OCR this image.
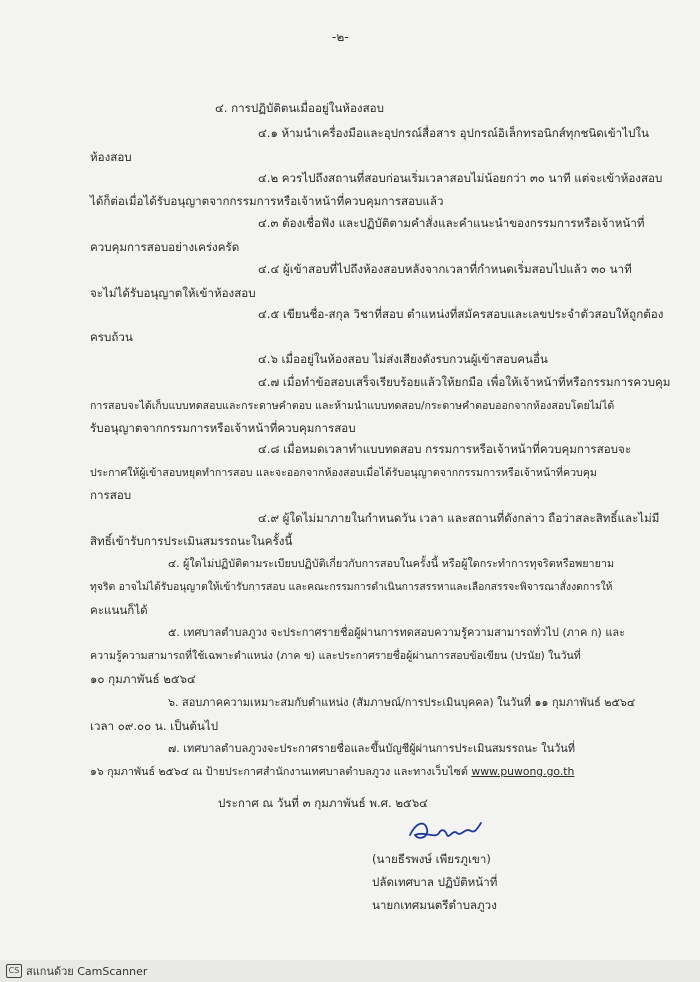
-๒-
๔. การปฏิบัติตนเมื่ออยู่ในห้องสอบ
๔.๑ ห้ามนำเครื่องมือและอุปกรณ์สื่อสาร อุปกรณ์อิเล็กทรอนิกส์ทุกชนิดเข้าไปใน
ห้องสอบ
๔.๒ ควรไปถึงสถานที่สอบก่อนเริ่มเวลาสอบไม่น้อยกว่า ๓๐ นาที แต่จะเข้าห้องสอบ
ได้ก็ต่อเมื่อได้รับอนุญาตจากกรรมการหรือเจ้าหน้าที่ควบคุมการสอบแล้ว
๔.๓ ต้องเชื่อฟัง และปฏิบัติตามคำสั่งและคำแนะนำของกรรมการหรือเจ้าหน้าที่
ควบคุมการสอบอย่างเคร่งครัด
๔.๔ ผู้เข้าสอบที่ไปถึงห้องสอบหลังจากเวลาที่กำหนดเริ่มสอบไปแล้ว ๓๐ นาที
จะไม่ได้รับอนุญาตให้เข้าห้องสอบ
๔.๕ เขียนชื่อ-สกุล วิชาที่สอบ ตำแหน่งที่สมัครสอบและเลขประจำตัวสอบให้ถูกต้อง
ครบถ้วน
๔.๖ เมื่ออยู่ในห้องสอบ ไม่ส่งเสียงดังรบกวนผู้เข้าสอบคนอื่น
๔.๗ เมื่อทำข้อสอบเสร็จเรียบร้อยแล้วให้ยกมือ เพื่อให้เจ้าหน้าที่หรือกรรมการควบคุม
การสอบจะได้เก็บแบบทดสอบและกระดาษคำตอบ และห้ามนำแบบทดสอบ/กระดาษคำตอบออกจากห้องสอบโดยไม่ได้
รับอนุญาตจากกรรมการหรือเจ้าหน้าที่ควบคุมการสอบ
๔.๘ เมื่อหมดเวลาทำแบบทดสอบ กรรมการหรือเจ้าหน้าที่ควบคุมการสอบจะ
ประกาศให้ผู้เข้าสอบหยุดทำการสอบ และจะออกจากห้องสอบเมื่อได้รับอนุญาตจากกรรมการหรือเจ้าหน้าที่ควบคุม
การสอบ
๔.๙ ผู้ใดไม่มาภายในกำหนดวัน เวลา และสถานที่ดังกล่าว ถือว่าสละสิทธิ์และไม่มี
สิทธิ์เข้ารับการประเมินสมรรถนะในครั้งนี้
๔. ผู้ใดไม่ปฏิบัติตามระเบียบปฏิบัติเกี่ยวกับการสอบในครั้งนี้ หรือผู้ใดกระทำการทุจริตหรือพยายาม
ทุจริต อาจไม่ได้รับอนุญาตให้เข้ารับการสอบ และคณะกรรมการดำเนินการสรรหาและเลือกสรรจะพิจารณาสั่งงดการให้
คะแนนก็ได้
๕. เทศบาลตำบลภูวง จะประกาศรายชื่อผู้ผ่านการทดสอบความรู้ความสามารถทั่วไป (ภาค ก) และ
ความรู้ความสามารถที่ใช้เฉพาะตำแหน่ง (ภาค ข) และประกาศรายชื่อผู้ผ่านการสอบข้อเขียน (ปรนัย) ในวันที่
๑๐ กุมภาพันธ์ ๒๕๖๔
๖. สอบภาคความเหมาะสมกับตำแหน่ง (สัมภาษณ์/การประเมินบุคคล) ในวันที่ ๑๑ กุมภาพันธ์ ๒๕๖๔
เวลา ๐๙.๐๐ น. เป็นต้นไป
๗. เทศบาลตำบลภูวงจะประกาศรายชื่อและขึ้นบัญชีผู้ผ่านการประเมินสมรรถนะ ในวันที่
๑๖ กุมภาพันธ์ ๒๕๖๔ ณ ป้ายประกาศสำนักงานเทศบาลตำบลภูวง และทางเว็บไซต์ www.puwong.go.th
ประกาศ ณ วันที่ ๓ กุมภาพันธ์ พ.ศ. ๒๕๖๔
(นายธีรพงษ์ เพียรภูเขา)
ปลัดเทศบาล ปฏิบัติหน้าที่
นายกเทศมนตรีตำบลภูวง
CS สแกนด้วย CamScanner
